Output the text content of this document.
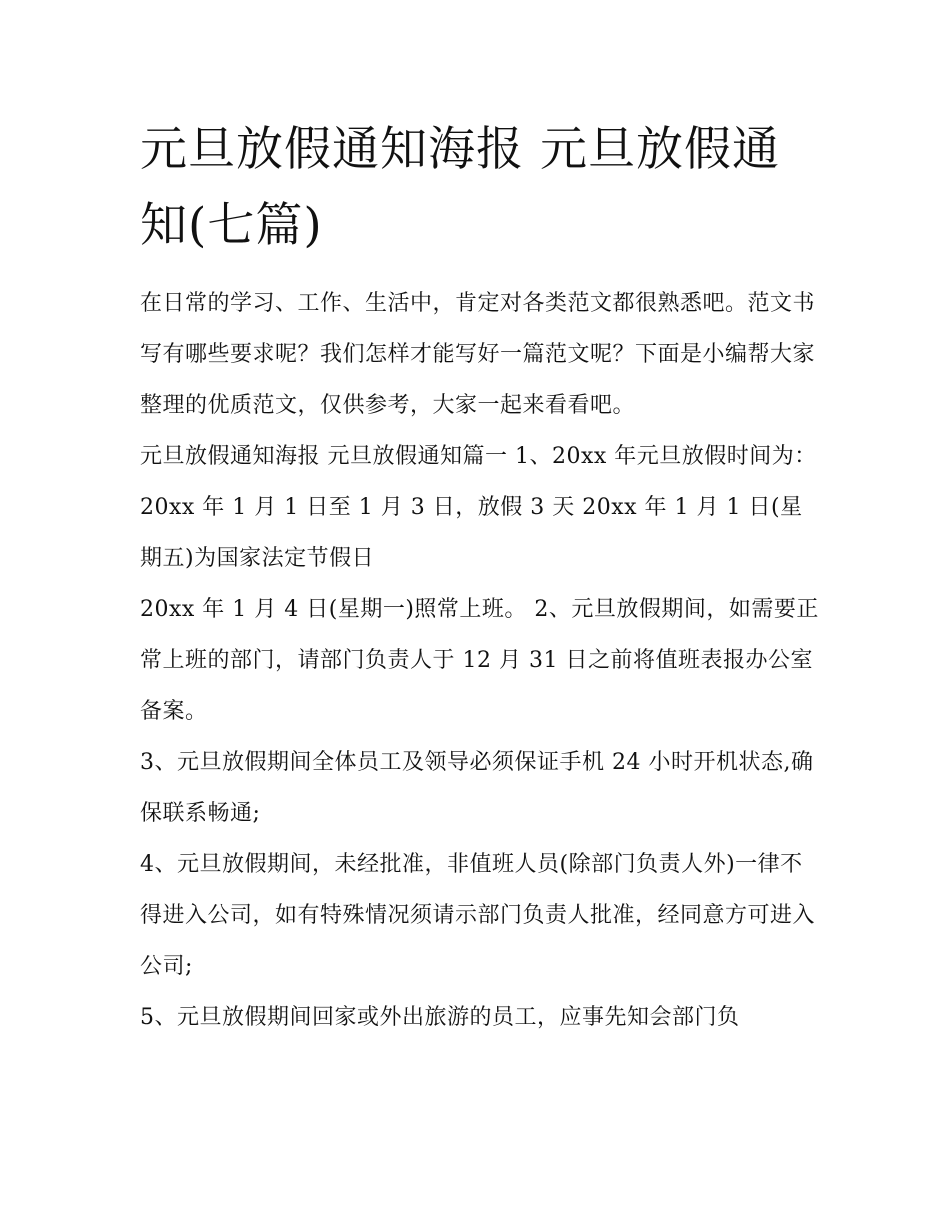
元旦放假通知海报 元旦放假通知(七篇)

在日常的学习、工作、生活中，肯定对各类范文都很熟悉吧。范文书写有哪些要求呢？我们怎样才能写好一篇范文呢？下面是小编帮大家整理的优质范文，仅供参考，大家一起来看看吧。

元旦放假通知海报 元旦放假通知篇一 1、20xx 年元旦放假时间为： 20xx 年 1 月 1 日至 1 月 3 日，放假 3 天 20xx 年 1 月 1 日(星期五)为国家法定节假日

20xx 年 1 月 4 日(星期一)照常上班。 2、元旦放假期间，如需要正常上班的部门，请部门负责人于 12 月 31 日之前将值班表报办公室备案。

3、元旦放假期间全体员工及领导必须保证手机 24 小时开机状态,确保联系畅通;

4、元旦放假期间，未经批准，非值班人员(除部门负责人外)一律不得进入公司，如有特殊情况须请示部门负责人批准，经同意方可进入公司;

5、元旦放假期间回家或外出旅游的员工，应事先知会部门负
